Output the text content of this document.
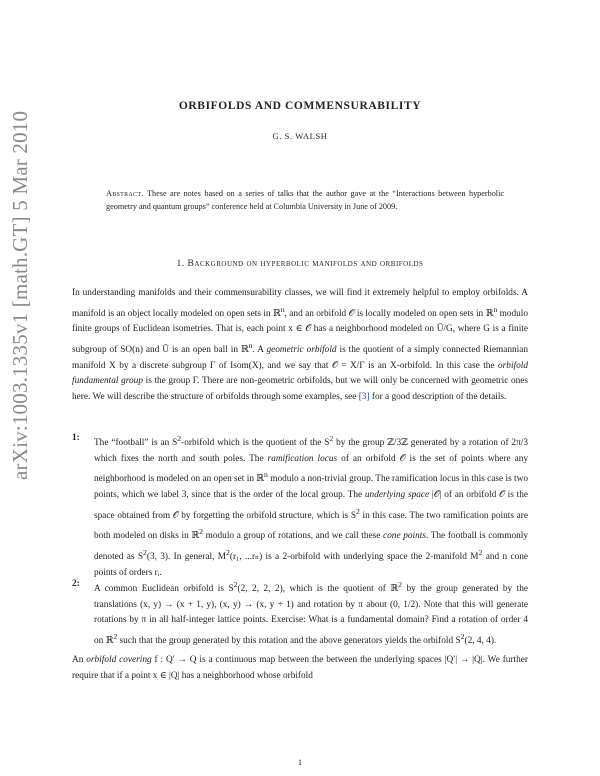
arXiv:1003.1335v1 [math.GT] 5 Mar 2010
ORBIFOLDS AND COMMENSURABILITY
G. S. WALSH
Abstract. These are notes based on a series of talks that the author gave at the “Interactions between hyperbolic geometry and quantum groups” conference held at Columbia University in June of 2009.
1. Background on hyperbolic manifolds and orbifolds
In understanding manifolds and their commensurability classes, we will find it extremely helpful to employ orbifolds. A manifold is an object locally modeled on open sets in ℝ$^n$, and an orbifold 𝒪 is locally modeled on open sets in ℝ$^n$ modulo finite groups of Euclidean isometries. That is, each point x ∈ 𝒪 has a neighborhood modeled on Ũ/G, where G is a finite subgroup of SO(n) and Ũ is an open ball in ℝ$^n$. A geometric orbifold is the quotient of a simply connected Riemannian manifold X by a discrete subgroup Γ of Isom(X), and we say that 𝒪 = X/Γ is an X-orbifold. In this case the orbifold fundamental group is the group Γ. There are non-geometric orbifolds, but we will only be concerned with geometric ones here. We will describe the structure of orbifolds through some examples, see [3] for a good description of the details.
1:
The “football” is an $S^2$-orbifold which is the quotient of the $S^2$ by the group ℤ/3ℤ generated by a rotation of 2π/3 which fixes the north and south poles. The ramification locus of an orbifold 𝒪 is the set of points where any neighborhood is modeled on an open set in ℝ$^n$ modulo a non-trivial group. The ramification locus in this case is two points, which we label 3, since that is the order of the local group. The underlying space |𝒪| of an orbifold 𝒪 is the space obtained from 𝒪 by forgetting the orbifold structure, which is $S^2$ in this case. The two ramification points are both modeled on disks in ℝ$^2$ modulo a group of rotations, and we call these cone points. The football is commonly denoted as $S^2(3$, 3). In general, $M^2(r_1$, ...rₙ) is a 2-orbifold with underlying space the 2-manifold $M^2$ and n cone points of orders rᵢ.
2:
A common Euclidean orbifold is $S^2(2$, 2, 2, 2), which is the quotient of ℝ$^2$ by the group generated by the translations (x, y) → (x + 1, y), (x, y) → (x, y + 1) and rotation by π about (0, 1/2). Note that this will generate rotations by π in all half-integer lattice points. Exercise: What is a fundamental domain? Find a rotation of order 4 on ℝ$^2$ such that the group generated by this rotation and the above generators yields the orbifold $S^2(2$, 4, 4).
An orbifold covering f : Q′ → Q is a continuous map between the between the underlying spaces |Q′| → |Q|. We further require that if a point x ∈ |Q| has a neighborhood whose orbifold
1
